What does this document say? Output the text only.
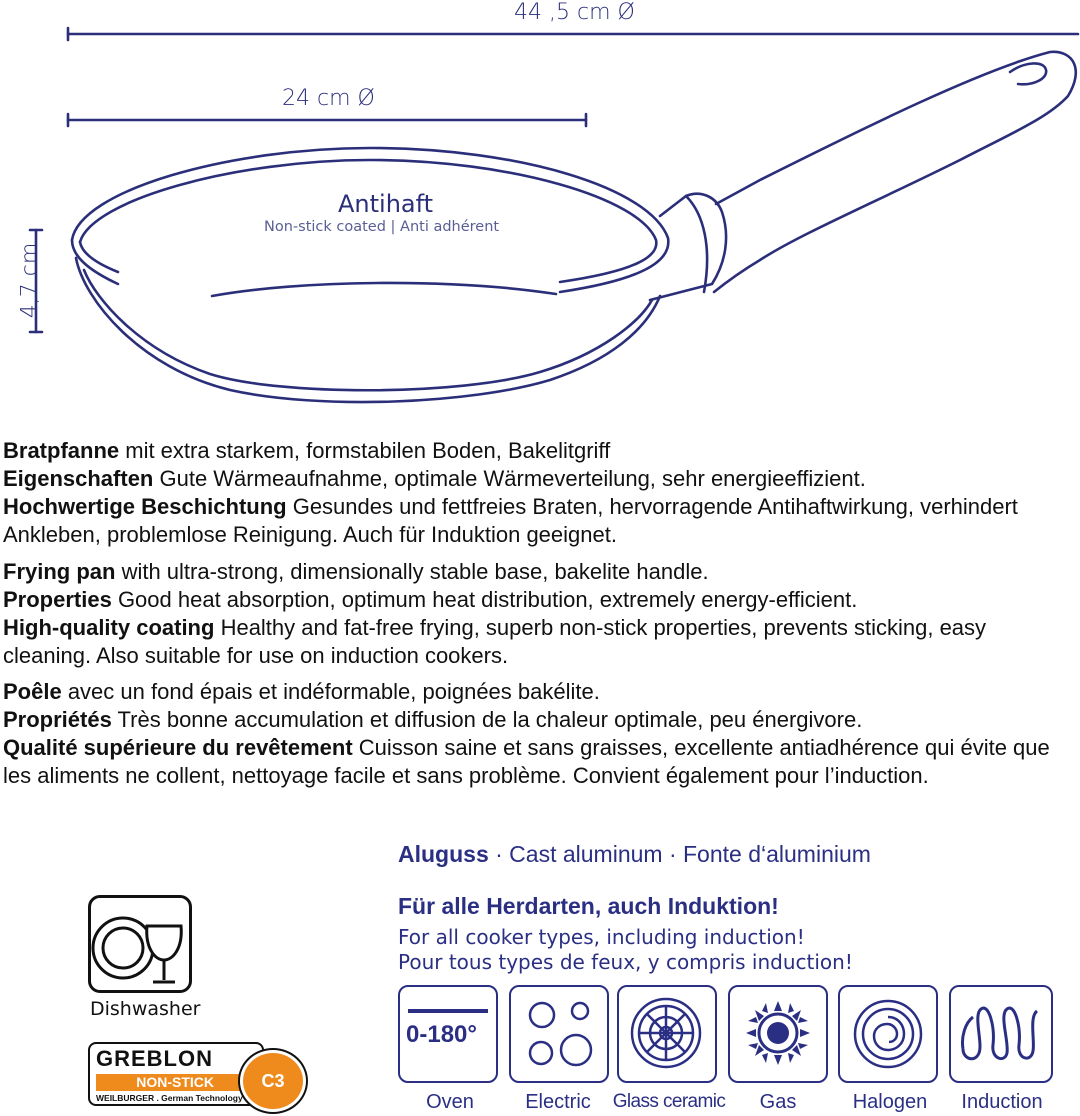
44 ,5 cm Ø
24 cm Ø
4,7 cm
Antihaft
Non-stick coated | Anti adhérent
Bratpfanne mit extra starkem, formstabilen Boden, Bakelitgriff
Eigenschaften Gute Wärmeaufnahme, optimale Wärmeverteilung, sehr energieeffizient.
Hochwertige Beschichtung Gesundes und fettfreies Braten, hervorragende Antihaftwirkung, verhindert Ankleben, problemlose Reinigung. Auch für Induktion geeignet.
Frying pan with ultra-strong, dimensionally stable base, bakelite handle.
Properties Good heat absorption, optimum heat distribution, extremely energy-efficient.
High-quality coating Healthy and fat-free frying, superb non-stick properties, prevents sticking, easy cleaning. Also suitable for use on induction cookers.
Poêle avec un fond épais et indéformable, poignées bakélite.
Propriétés Très bonne accumulation et diffusion de la chaleur optimale, peu énergivore.
Qualité supérieure du revêtement Cuisson saine et sans graisses, excellente antiadhérence qui évite que les aliments ne collent, nettoyage facile et sans problème. Convient également pour l’induction.
Aluguss · Cast aluminum · Fonte d‘aluminium
Für alle Herdarten, auch Induktion!
For all cooker types, including induction!
Pour tous types de feux, y compris induction!
Dishwasher
GREBLON
NON-STICK
WEILBURGER . German Technology
C3
0-180°
Oven	Electric	Glass ceramic	Gas	Halogen	Induction
